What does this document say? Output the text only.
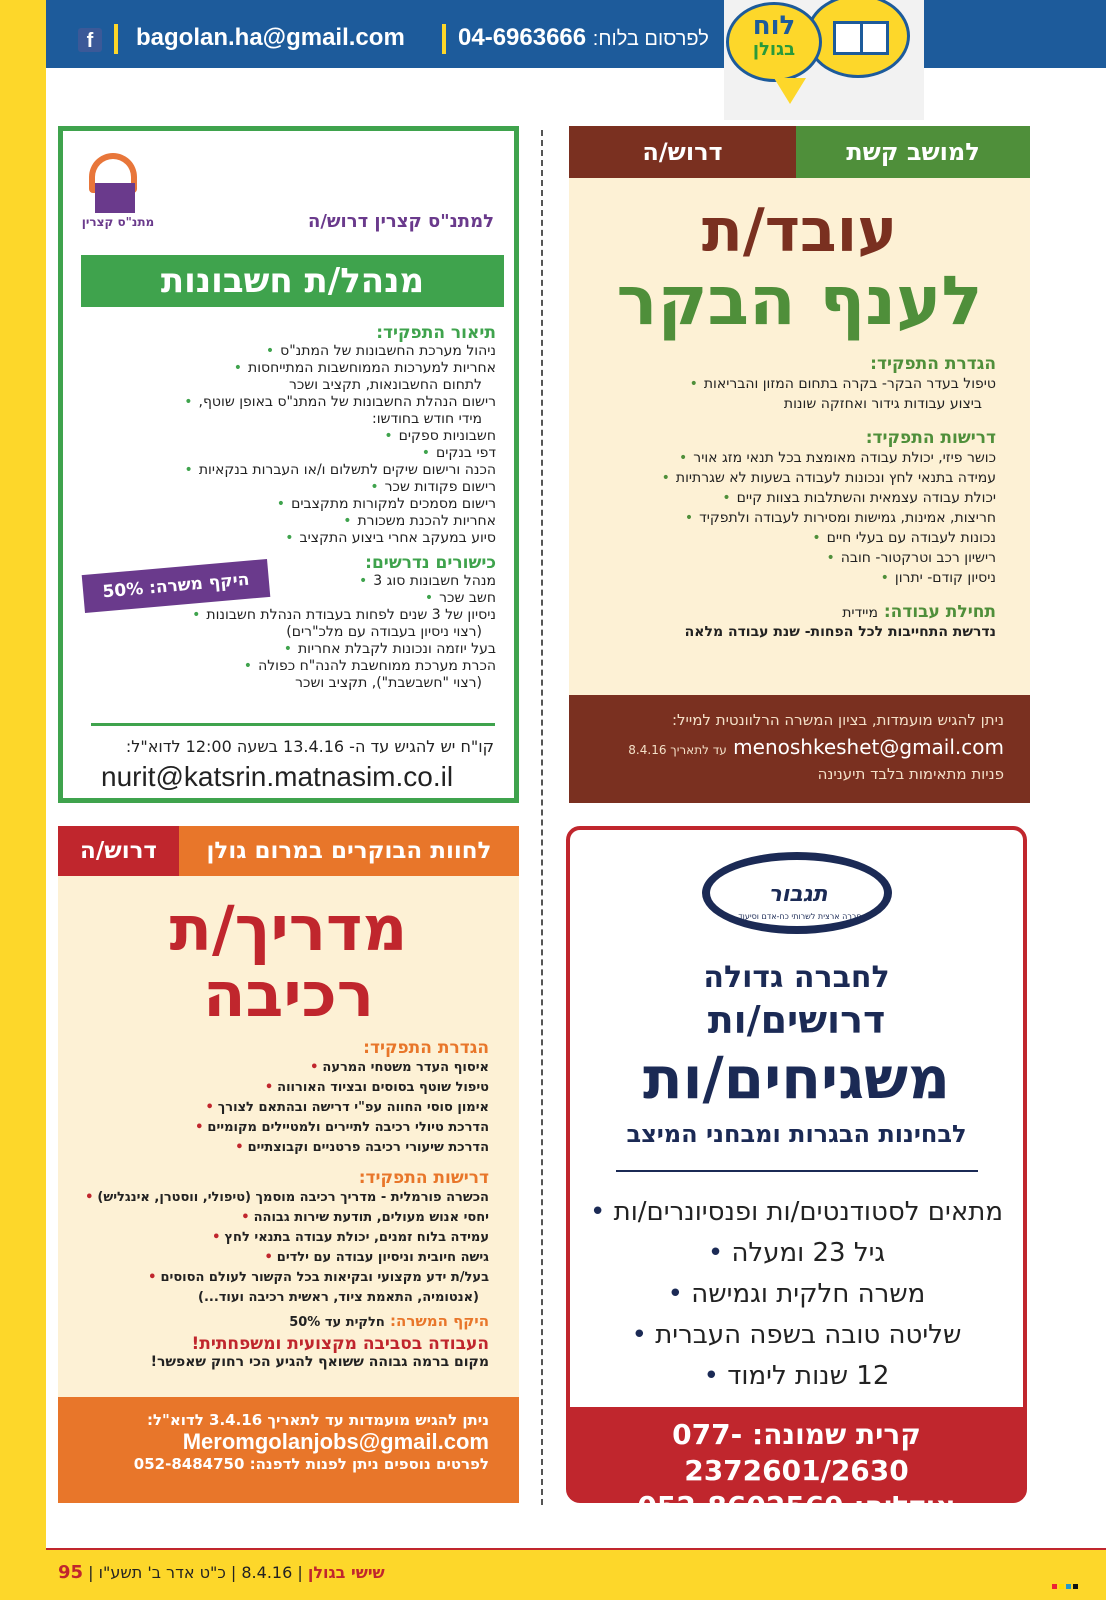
f	bagolan.ha@gmail.com	לפרסום בלוח: 04-6963666	לוח
בגולן
למושב קשת
דרוש/ה
עובד/ת
לענף הבקר
הגדרת התפקיד:
טיפול בעדר הבקר- בקרה בתחום המזון והבריאות •
ביצוע עבודות גידור ואחזקה שונות
דרישות התפקיד:
כושר פיזי, יכולת עבודה מאומצת בכל תנאי מזג אויר •
עמידה בתנאי לחץ ונכונות לעבודה בשעות לא שגרתיות •
יכולת עבודה עצמאית והשתלבות בצוות קיים •
חריצות, אמינות, גמישות ומסירות לעבודה ולתפקיד •
נכונות לעבודה עם בעלי חיים •
רישיון רכב וטרקטור- חובה •
ניסיון קודם- יתרון •
תחילת עבודה: מיידית
נדרשת התחייבות לכל הפחות- שנת עבודה מלאה
ניתן להגיש מועמדות, בציון המשרה הרלוונטית למייל:
menoshkeshet@gmail.com עד לתאריך 8.4.16
פניות מתאימות בלבד תיענינה
מתנ"ס קצרין	למתנ"ס קצרין דרוש/ה
מנהל/ת חשבונות
תיאור התפקיד:
ניהול מערכת החשבונות של המתנ"ס •
אחריות למערכות הממוחשבות המתייחסות •
לתחום החשבונאות, תקציב ושכר
רישום הנהלת החשבונות של המתנ"ס באופן שוטף, •
מידי חודש בחודשו:
חשבוניות ספקים •
דפי בנקים •
הכנה ורישום שיקים לתשלום ו/או העברות בנקאיות •
רישום פקודות שכר •
רישום מסמכים למקורות מתקצבים •
אחריות להכנת משכורת •
סיוע במעקב אחרי ביצוע התקציב •
כישורים נדרשים:
מנהל חשבונות סוג 3 •
חשב שכר •
ניסיון של 3 שנים לפחות בעבודת הנהלת חשבונות •
(רצוי ניסיון בעבודה עם מלכ"רים)
בעל יוזמה ונכונות לקבלת אחריות •
הכרת מערכת ממוחשבת להנה"ח כפולה •
(רצוי "חשבשבת"), תקציב ושכר
היקף משרה: 50%
קו"ח יש להגיש עד ה- 13.4.16 בשעה 12:00 לדוא"ל:
nurit@katsrin.matnasim.co.il
לחוות הבוקרים במרום גולן
דרוש/ה
מדריך/ת
רכיבה
הגדרת התפקיד:
איסוף העדר משטחי המרעה •
טיפול שוטף בסוסים ובציוד האורווה •
אימון סוסי החווה עפ"י דרישה ובהתאם לצורך •
הדרכת טיולי רכיבה לתיירים ולמטיילים מקומיים •
הדרכת שיעורי רכיבה פרטניים וקבוצתיים •
דרישות התפקיד:
הכשרה פורמלית - מדריך רכיבה מוסמך (טיפולי, ווסטרן, אינגליש) •
יחסי אנוש מעולים, תודעת שירות גבוהה •
עמידה בלוח זמנים, יכולת עבודה בתנאי לחץ •
גישה חיובית וניסיון עבודה עם ילדים •
בעל/ת ידע מקצועי ובקיאות בכל הקשור לעולם הסוסים •
(אנטומיה, התאמת ציוד, ראשית רכיבה ועוד...)
היקף המשרה: חלקית עד 50%
העבודה בסביבה מקצועית ומשפחתית!
מקום ברמה גבוהה ששואף להגיע הכי רחוק שאפשר!
ניתן להגיש מועמדות עד לתאריך 3.4.16 לדוא"ל:
Meromgolanjobs@gmail.com
לפרטים נוספים ניתן לפנות לדפנה: 052-8484750
תגבור
חברה ארצית לשרותי כח-אדם וסיעוד
לחברה גדולה
דרושים/ות
משגיחים/ות
לבחינות הבגרות ומבחני המיצב
מתאים לסטודנטים/ות ופנסיונרים/ות •
גיל 23 ומעלה •
משרה חלקית וגמישה •
שליטה טובה בשפה העברית •
12 שנות לימוד •
קרית שמונה: 077-2372601/2630
אודליה: 052-8602569
95 |	שישי בגולן | 8.4.16 | כ"ט אדר ב' תשע"ו
